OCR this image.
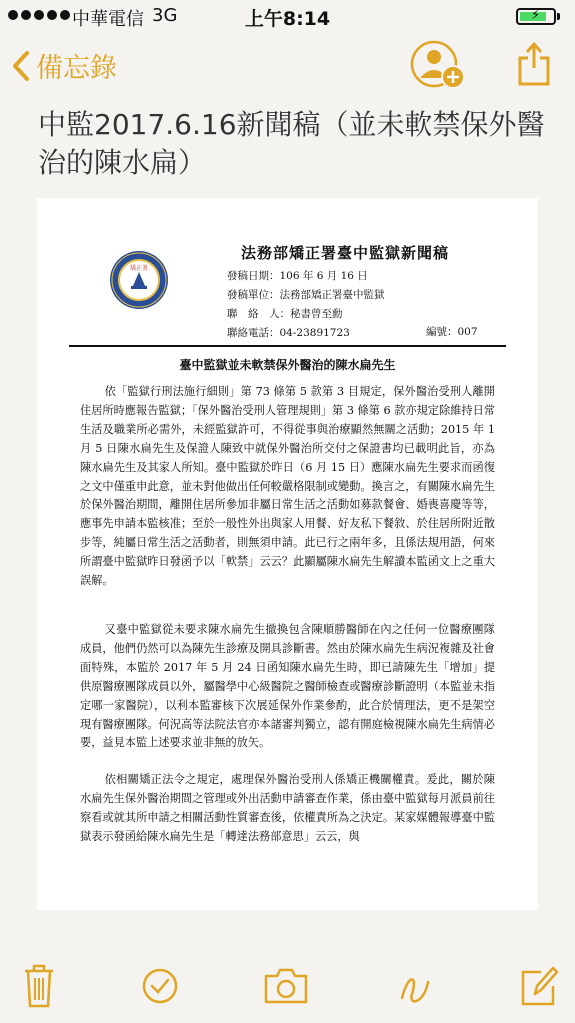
中華電信 3G	上午8:14	⚡
備忘錄
中監2017.6.16新聞稿（並未軟禁保外醫治的陳水扁）
矯正署
法務部矯正署臺中監獄新聞稿
發稿日期：106 年 6 月 16 日
發稿單位：法務部矯正署臺中監獄
聯　絡　人：秘書曾至勳
聯絡電話：04-23891723	編號：007
臺中監獄並未軟禁保外醫治的陳水扁先生

依「監獄行刑法施行細則」第 73 條第 5 款第 3 目規定，保外醫治受刑人離開住居所時應報告監獄；「保外醫治受刑人管理規則」第 3 條第 6 款亦規定除維持日常生活及職業所必需外，未經監獄許可，不得從事與治療顯然無關之活動；2015 年 1 月 5 日陳水扁先生及保證人陳致中就保外醫治所交付之保證書均已載明此旨，亦為陳水扁先生及其家人所知。臺中監獄於昨日（6 月 15 日）應陳水扁先生要求而函復之文中僅重申此意，並未對他做出任何較嚴格限制或變動。換言之，有關陳水扁先生於保外醫治期間，離開住居所參加非屬日常生活之活動如募款餐會、婚喪喜慶等等，應事先申請本監核准；至於一般性外出與家人用餐、好友私下餐敘、於住居所附近散步等，純屬日常生活之活動者，則無須申請。此已行之兩年多，且係法規用語，何來所謂臺中監獄昨日發函予以「軟禁」云云？此顯屬陳水扁先生解讀本監函文上之重大誤解。

又臺中監獄從未要求陳水扁先生撤換包含陳順勝醫師在內之任何一位醫療團隊成員，他們仍然可以為陳先生診療及開具診斷書。然由於陳水扁先生病況複雜及社會面特殊，本監於 2017 年 5 月 24 日函知陳水扁先生時，即已請陳先生「增加」提供原醫療團隊成員以外，屬醫學中心級醫院之醫師檢查或醫療診斷證明（本監並未指定哪一家醫院），以利本監審核下次展延保外作業參酌，此合於情理法，更不是架空現有醫療團隊。何況高等法院法官亦本諸審判獨立，認有開庭檢視陳水扁先生病情必要，益見本監上述要求並非無的放矢。

依相關矯正法令之規定，處理保外醫治受刑人係矯正機關權責。爰此，關於陳水扁先生保外醫治期間之管理或外出活動申請審查作業，係由臺中監獄每月派員前往察看或就其所申請之相關活動性質審查後，依權責所為之決定。某家媒體報導臺中監獄表示發函給陳水扁先生是「轉達法務部意思」云云，與
